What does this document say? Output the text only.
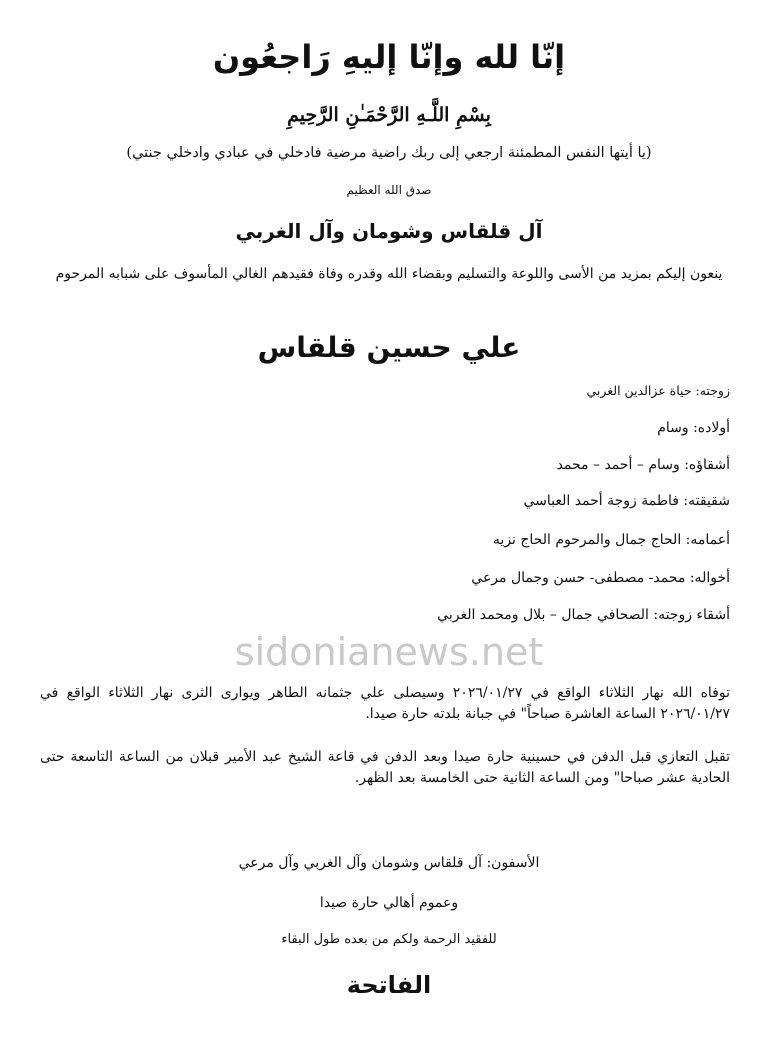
إنّا لله وإنّا إليهِ رَاجعُون
بِسْمِ اللَّـهِ الرَّحْمَـٰنِ الرَّحِيمِ
(يا أيتها النفس المطمئنة ارجعي إلى ربك راضية مرضية فادخلي في عبادي وادخلي جنتي)
صدق الله العظيم
آل قلقاس وشومان وآل الغربي
ينعون إليكم بمزيد من الأسى واللوعة والتسليم وبقضاء الله وقدره وفاة فقيدهم الغالي المأسوف على شبابه المرحوم
علي حسين قلقاس
زوجته: حياة عزالدين الغربي
أولاده: وسام
أشقاؤه: وسام – أحمد – محمد
شقيقته: فاطمة زوجة أحمد العباسي
أعمامه: الحاج جمال والمرحوم الحاج نزيه
أخواله: محمد- مصطفى- حسن وجمال مرعي
أشقاء زوجته: الصحافي جمال – بلال ومحمد الغربي
sidonianews.net
توفاه الله نهار الثلاثاء الواقع في ٢٠٢٦/٠١/٢٧ وسيصلى علي جثمانه الطاهر ويوارى الثرى نهار الثلاثاء الواقع في ٢٠٢٦/٠١/٢٧ الساعة العاشرة صباحاً" في جبانة بلدته حارة صيدا.
تقبل التعازي قبل الدفن في حسينية حارة صيدا وبعد الدفن في قاعة الشيخ عبد الأمير قبلان من الساعة التاسعة حتى الحادية عشر صباحا" ومن الساعة الثانية حتى الخامسة بعد الظهر.
الأسفون: آل قلقاس وشومان وآل الغربي وآل مرعي
وعموم أهالي حارة صيدا
للفقيد الرحمة ولكم من بعده طول البقاء
الفاتحة
